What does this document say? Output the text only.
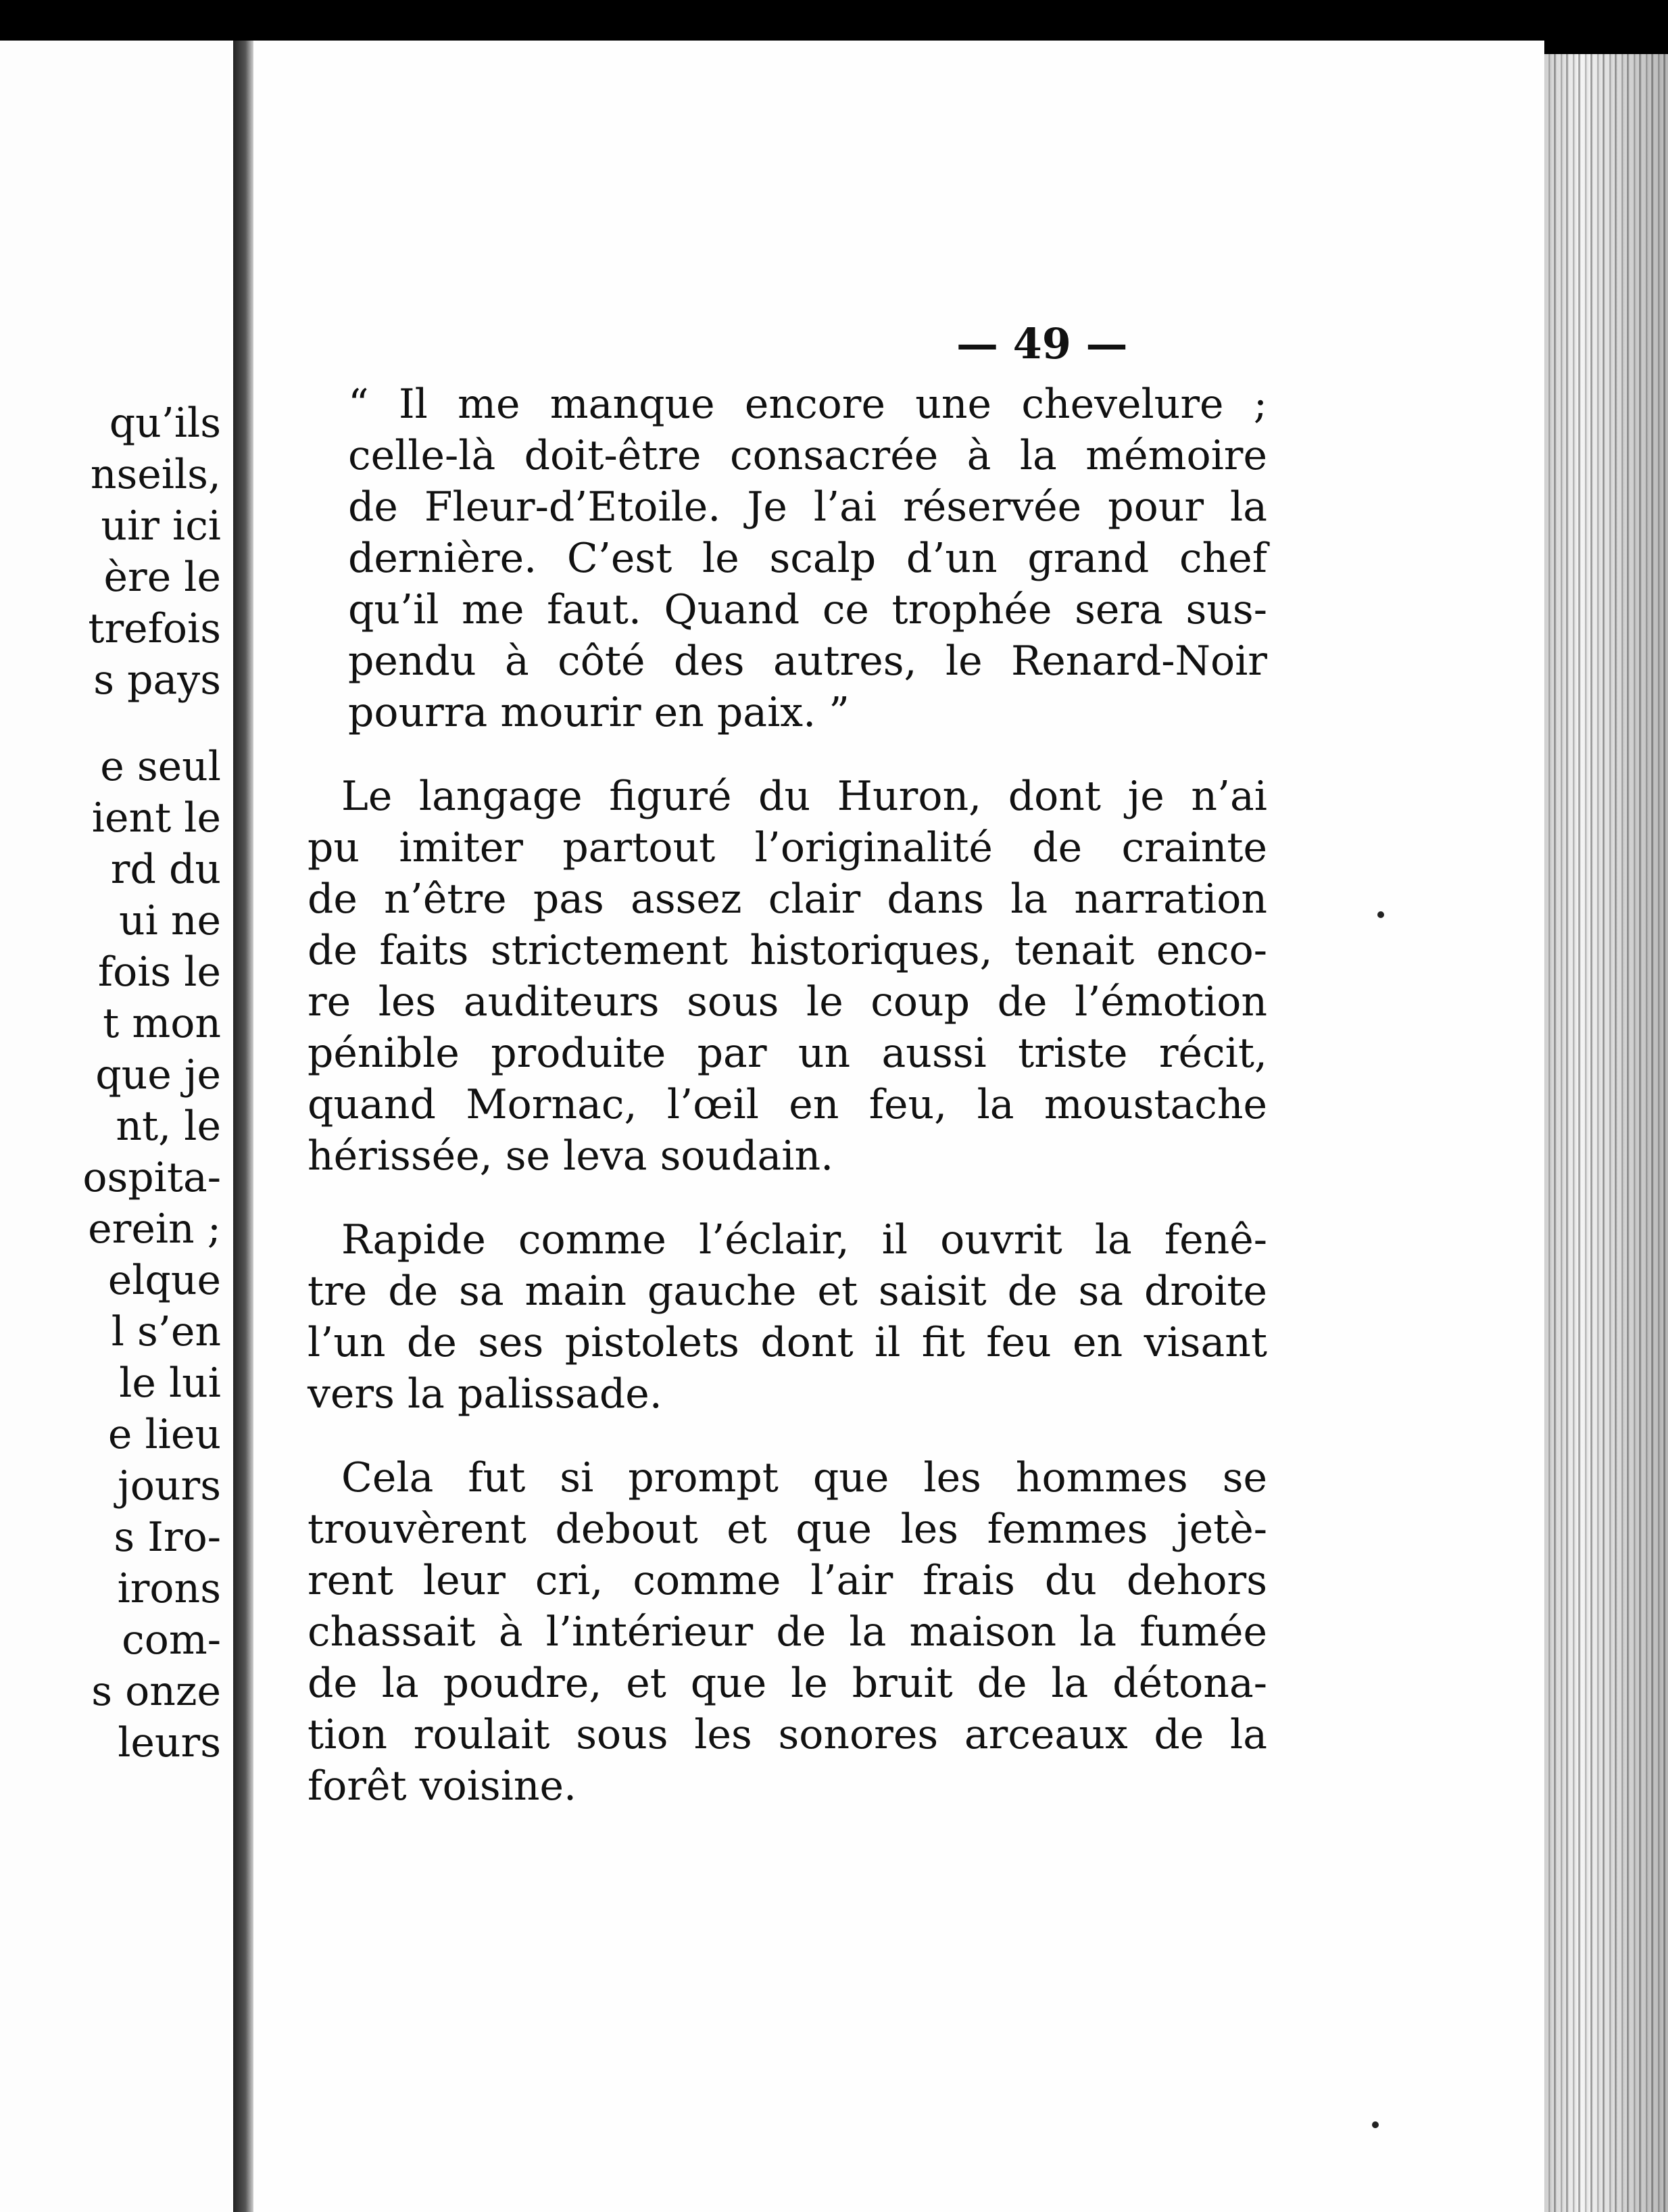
qu’ils
nseils,
uir ici
ère le
trefois
s pays
e seul
ient le
rd du
ui ne
fois le
t mon
que je
nt, le
ospita-
erein ;
elque
l s’en
le lui
e lieu
jours
s Iro-
irons
com-
s onze
leurs
— 49 —
“ Il me manque encore une chevelure ;
celle-là doit-être consacrée à la mémoire
de Fleur-d’Etoile. Je l’ai réservée pour la
dernière. C’est le scalp d’un grand chef
qu’il me faut. Quand ce trophée sera sus-
pendu à côté des autres, le Renard-Noir
pourra mourir en paix. ”
Le langage figuré du Huron, dont je n’ai
pu imiter partout l’originalité de crainte
de n’être pas assez clair dans la narration
de faits strictement historiques, tenait enco-
re les auditeurs sous le coup de l’émotion
pénible produite par un aussi triste récit,
quand Mornac, l’œil en feu, la moustache
hérissée, se leva soudain.
Rapide comme l’éclair, il ouvrit la fenê-
tre de sa main gauche et saisit de sa droite
l’un de ses pistolets dont il fit feu en visant
vers la palissade.
Cela fut si prompt que les hommes se
trouvèrent debout et que les femmes jetè-
rent leur cri, comme l’air frais du dehors
chassait à l’intérieur de la maison la fumée
de la poudre, et que le bruit de la détona-
tion roulait sous les sonores arceaux de la
forêt voisine.
